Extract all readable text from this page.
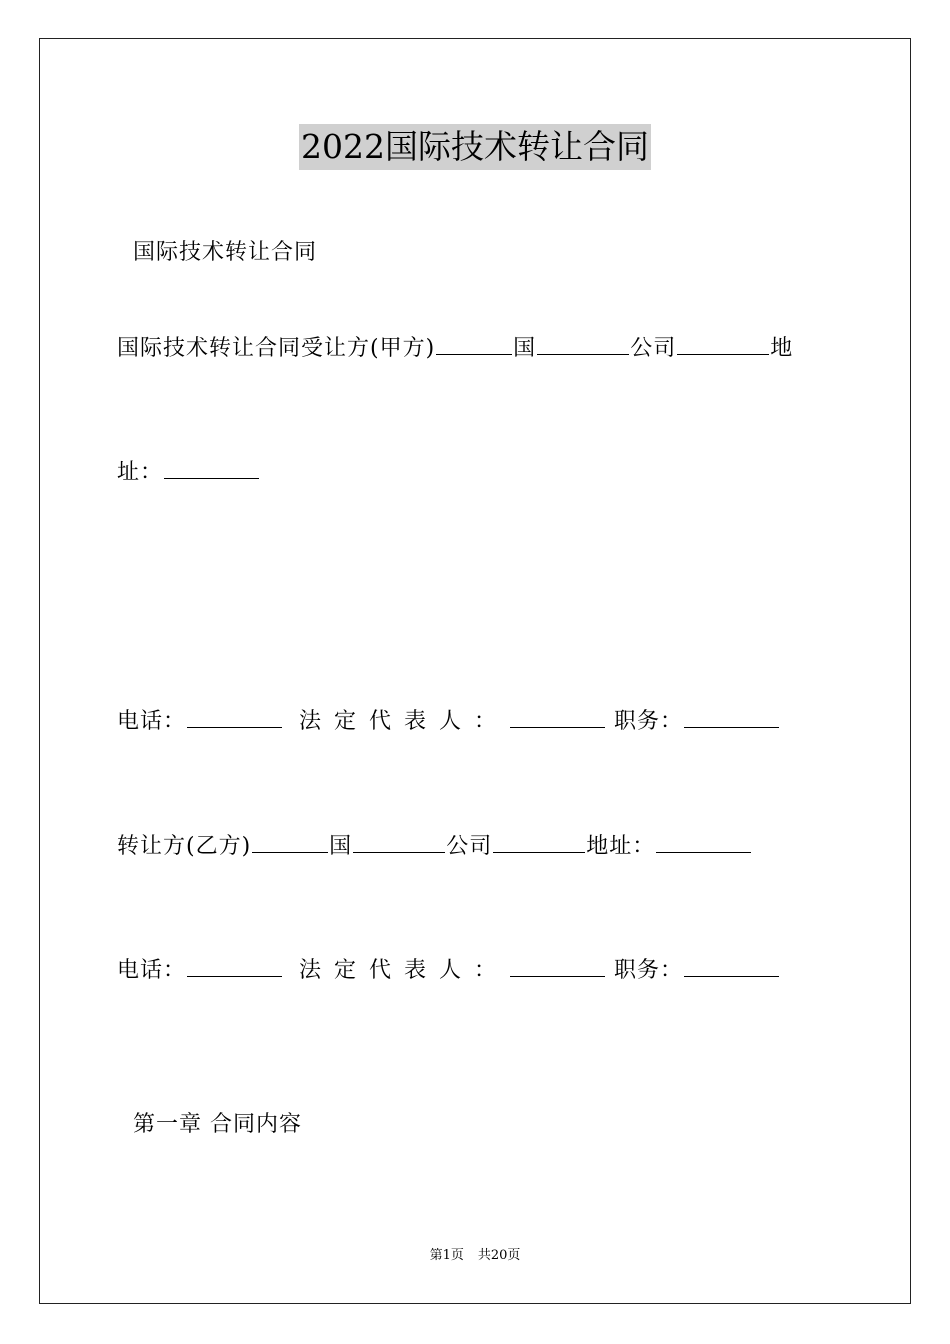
2022国际技术转让合同

国际技术转让合同

国际技术转让合同受让方(甲方)	国	公司	地
址：
电话：	法定代表人：	职务：
转让方(乙方)	国	公司	地址：
电话：	法定代表人：	职务：

第一章 合同内容

第1页 共20页
